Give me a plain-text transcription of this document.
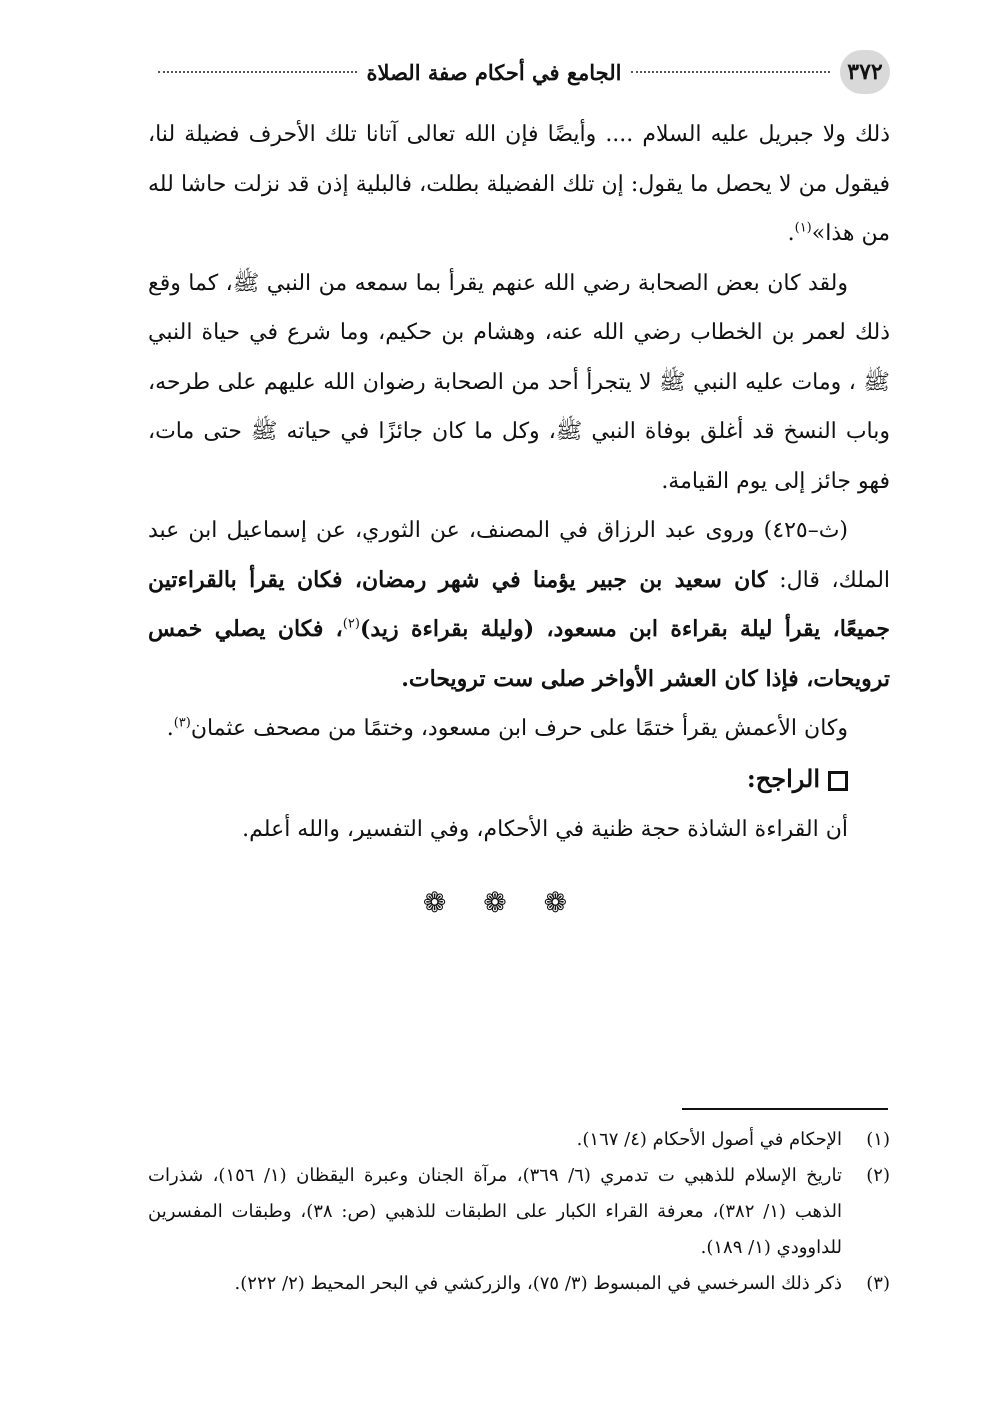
٣٧٢
الجامع في أحكام صفة الصلاة

ذلك ولا جبريل عليه السلام .... وأيضًا فإن الله تعالى آتانا تلك الأحرف فضيلة لنا، فيقول من لا يحصل ما يقول: إن تلك الفضيلة بطلت، فالبلية إذن قد نزلت حاشا لله من هذا»$^{(١)}$.

ولقد كان بعض الصحابة رضي الله عنهم يقرأ بما سمعه من النبي ﷺ، كما وقع ذلك لعمر بن الخطاب رضي الله عنه، وهشام بن حكيم، وما شرع في حياة النبي ﷺ ، ومات عليه النبي ﷺ لا يتجرأ أحد من الصحابة رضوان الله عليهم على طرحه، وباب النسخ قد أغلق بوفاة النبي ﷺ، وكل ما كان جائزًا في حياته ﷺ حتى مات، فهو جائز إلى يوم القيامة.

(ث–٤٢٥) وروى عبد الرزاق في المصنف، عن الثوري، عن إسماعيل ابن عبد الملك، قال: كان سعيد بن جبير يؤمنا في شهر رمضان، فكان يقرأ بالقراءتين جميعًا، يقرأ ليلة بقراءة ابن مسعود، (وليلة بقراءة زيد)$^{(٢)}$، فكان يصلي خمس ترويحات، فإذا كان العشر الأواخر صلى ست ترويحات.

وكان الأعمش يقرأ ختمًا على حرف ابن مسعود، وختمًا من مصحف عثمان$^{(٣)}$.

الراجح:

أن القراءة الشاذة حجة ظنية في الأحكام، وفي التفسير، والله أعلم.

❁ ❁ ❁
(١)
الإحكام في أصول الأحكام (٤/ ١٦٧).
(٢)
تاريخ الإسلام للذهبي ت تدمري (٦/ ٣٦٩)، مرآة الجنان وعبرة اليقظان (١/ ١٥٦)، شذرات الذهب (١/ ٣٨٢)، معرفة القراء الكبار على الطبقات للذهبي (ص: ٣٨)، وطبقات المفسرين للداوودي (١/ ١٨٩).
(٣)
ذكر ذلك السرخسي في المبسوط (٣/ ٧٥)، والزركشي في البحر المحيط (٢/ ٢٢٢).
